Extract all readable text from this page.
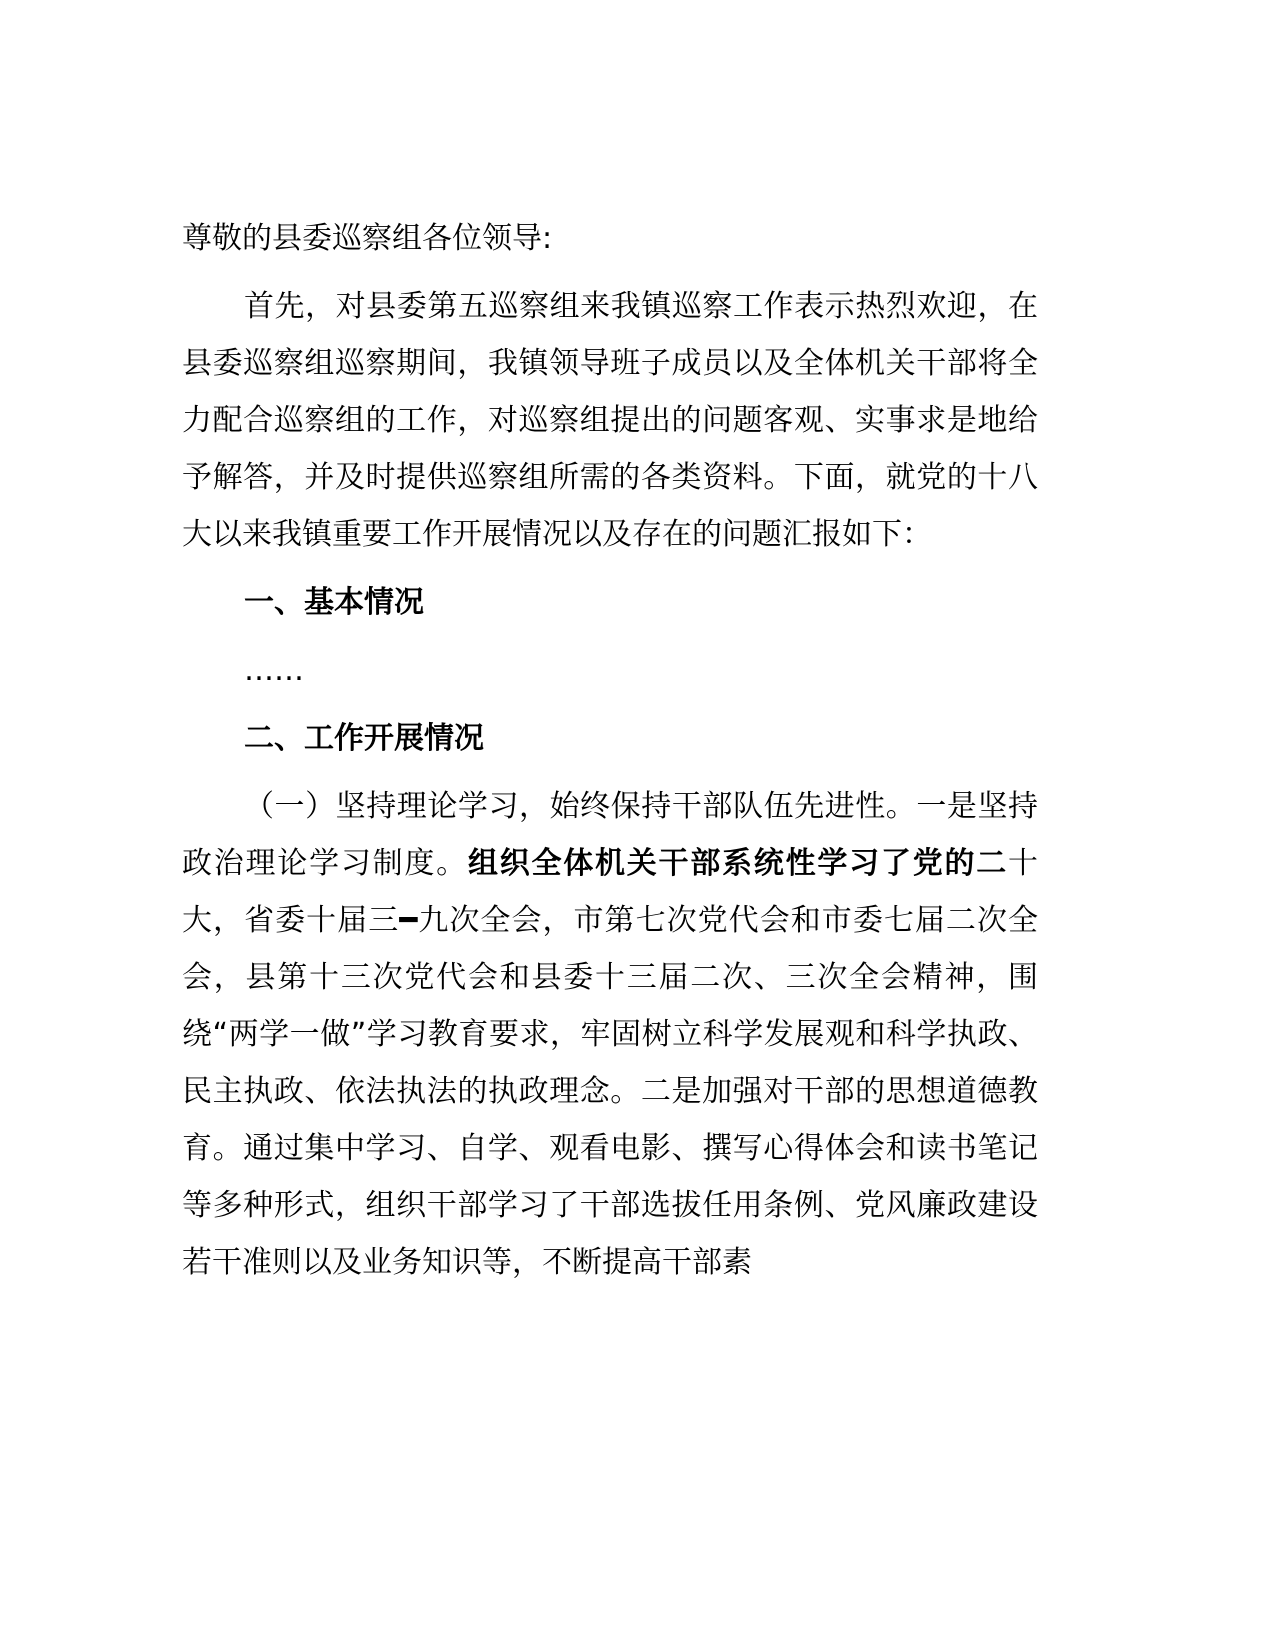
尊敬的县委巡察组各位领导:

首先，对县委第五巡察组来我镇巡察工作表示热烈欢迎，在县委巡察组巡察期间，我镇领导班子成员以及全体机关干部将全力配合巡察组的工作，对巡察组提出的问题客观、实事求是地给予解答，并及时提供巡察组所需的各类资料。下面，就党的十八大以来我镇重要工作开展情况以及存在的问题汇报如下：

一、基本情况

……

二、工作开展情况

（一）坚持理论学习，始终保持干部队伍先进性。一是坚持政治理论学习制度。组织全体机关干部系统性学习了党的二十大，省委十届三━九次全会，市第七次党代会和市委七届二次全会，县第十三次党代会和县委十三届二次、三次全会精神，围绕“两学一做”学习教育要求，牢固树立科学发展观和科学执政、民主执政、依法执法的执政理念。二是加强对干部的思想道德教育。通过集中学习、自学、观看电影、撰写心得体会和读书笔记等多种形式，组织干部学习了干部选拔任用条例、党风廉政建设若干准则以及业务知识等，不断提高干部素
